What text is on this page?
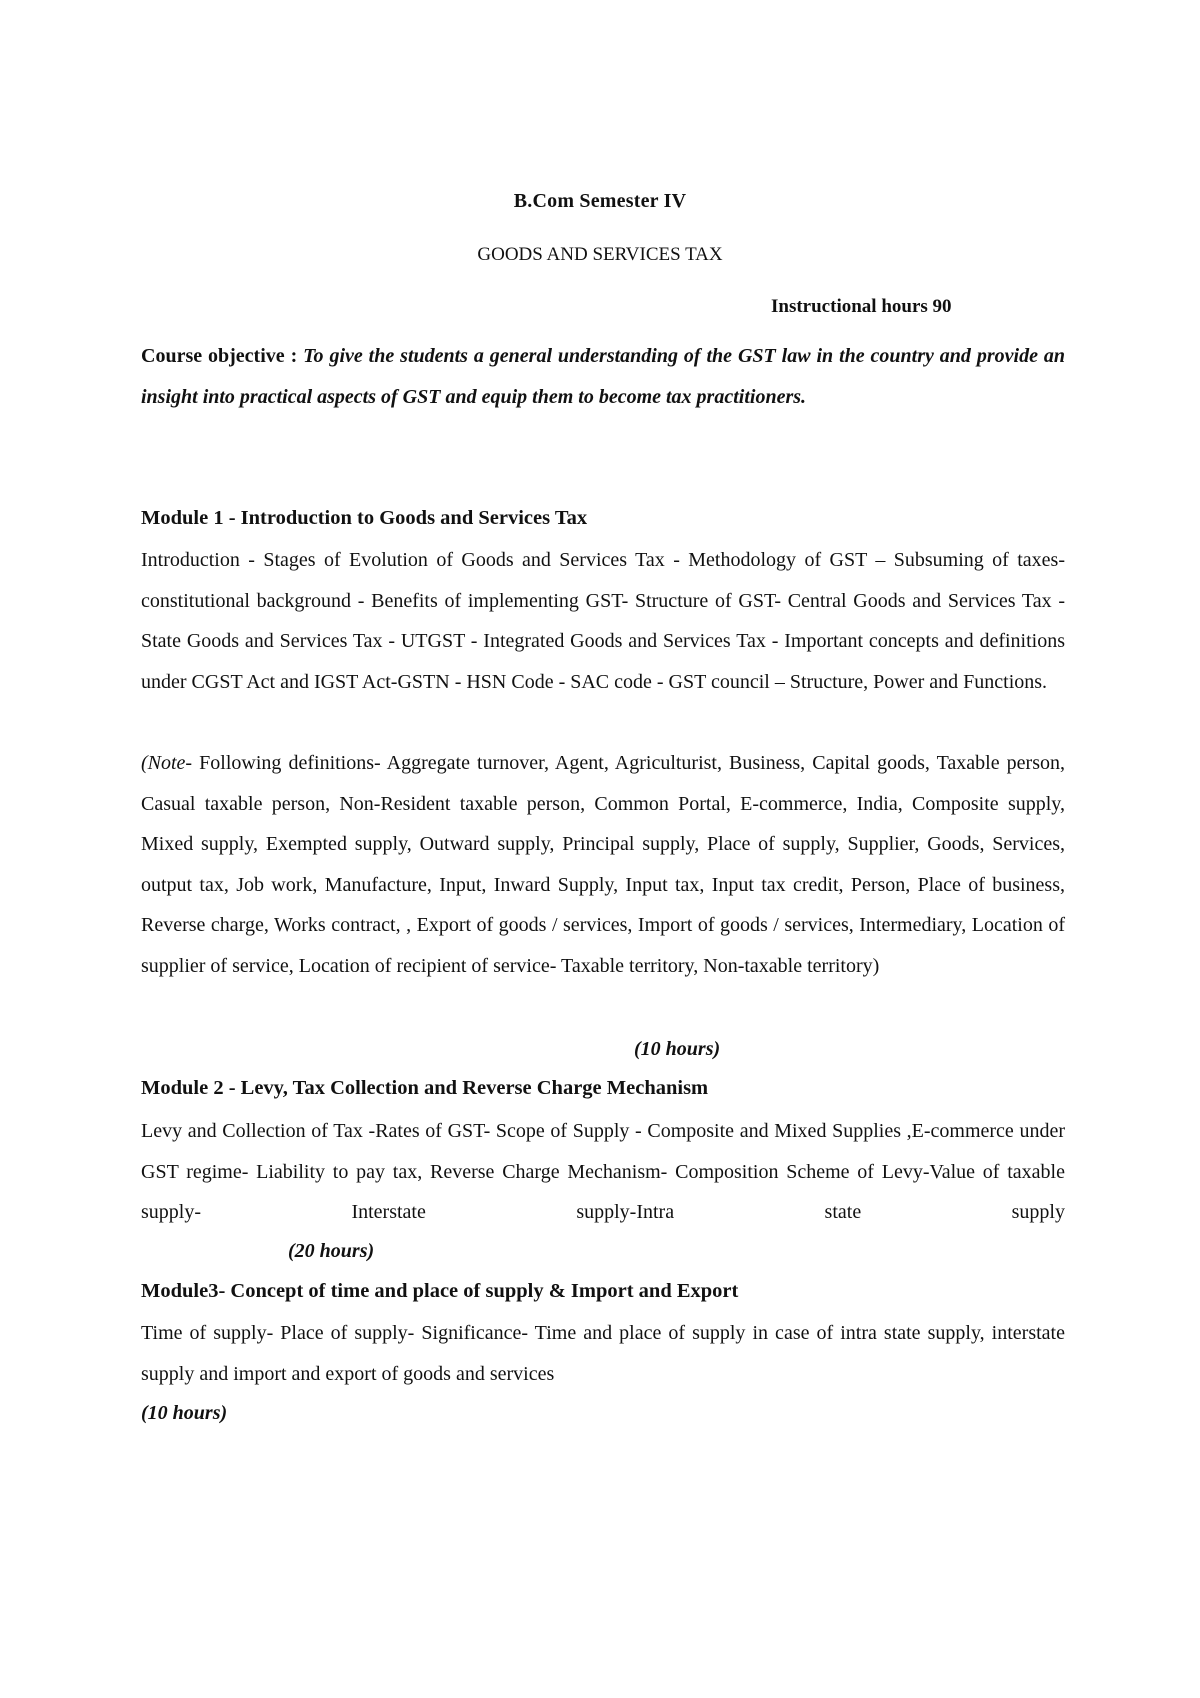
B.Com Semester IV

GOODS AND SERVICES TAX

Instructional hours 90

Course objective : To give the students a general understanding of the GST law in the country and provide an insight into practical aspects of GST and equip them to become tax practitioners.

Module 1 - Introduction to Goods and Services Tax

Introduction - Stages of Evolution of Goods and Services Tax - Methodology of GST – Subsuming of taxes- constitutional background - Benefits of implementing GST- Structure of GST- Central Goods and Services Tax - State Goods and Services Tax - UTGST - Integrated Goods and Services Tax - Important concepts and definitions under CGST Act and IGST Act-GSTN - HSN Code - SAC code - GST council – Structure, Power and Functions.
(Note- Following definitions- Aggregate turnover, Agent, Agriculturist, Business, Capital goods, Taxable person, Casual taxable person, Non-Resident taxable person, Common Portal, E-commerce, India, Composite supply, Mixed supply, Exempted supply, Outward supply, Principal supply, Place of supply, Supplier, Goods, Services, output tax, Job work, Manufacture, Input, Inward Supply, Input tax, Input tax credit, Person, Place of business, Reverse charge, Works contract, , Export of goods / services, Import of goods / services, Intermediary, Location of supplier of service, Location of recipient of service- Taxable territory, Non-taxable territory)

(10 hours)

Module 2 - Levy, Tax Collection and Reverse Charge Mechanism

Levy and Collection of Tax -Rates of GST- Scope of Supply - Composite and Mixed Supplies ,E-commerce under GST regime- Liability to pay tax, Reverse Charge Mechanism- Composition Scheme of Levy-Value of taxable supply- Interstate supply-Intra state supply

(20 hours)

Module3- Concept of time and place of supply & Import and Export

Time of supply- Place of supply- Significance- Time and place of supply in case of intra state supply, interstate supply and import and export of goods and services

(10 hours)
